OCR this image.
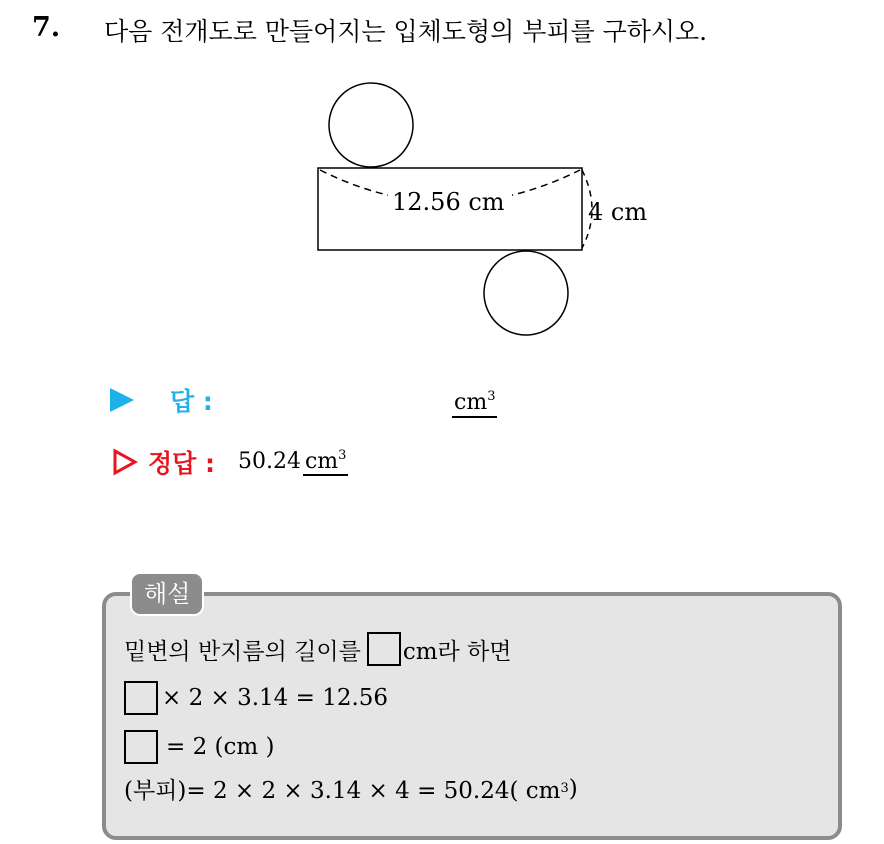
7. 다음 전개도로 만들어지는 입체도형의 부피를 구하시오.
12.56 cm	4 cm
답 :	$cm^3$
정답 : 50.24 $cm^3$
해설
밑변의 반지름의 길이를 cm라 하면
× 2 × 3.14 = 12.56
= 2 (cm )
(부피)= 2 × 2 × 3.14 × 4 = 50.24( cm 3 )
